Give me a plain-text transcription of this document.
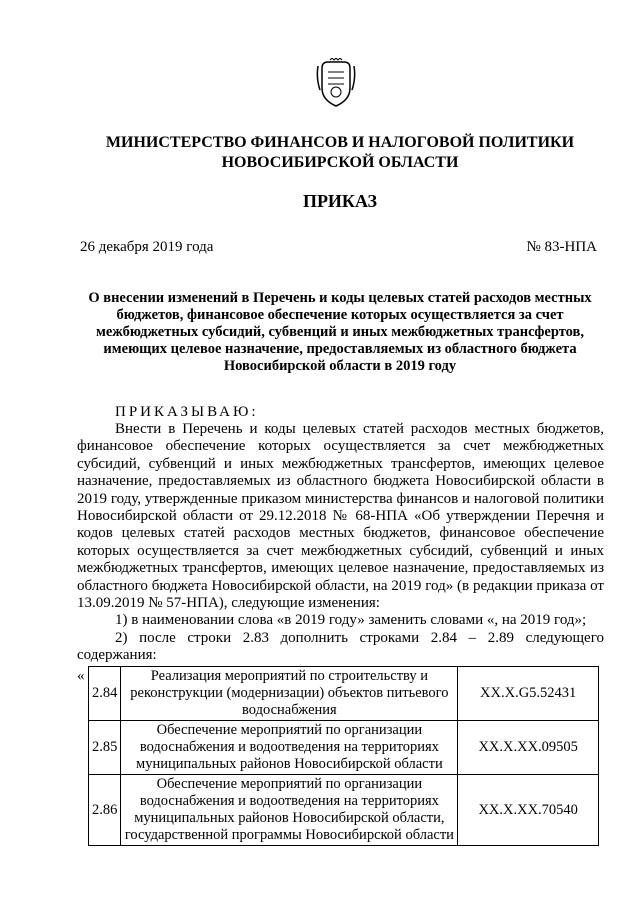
МИНИСТЕРСТВО ФИНАНСОВ И НАЛОГОВОЙ ПОЛИТИКИ
НОВОСИБИРСКОЙ ОБЛАСТИ
ПРИКАЗ
26 декабря 2019 года	№ 83-НПА
О внесении изменений в Перечень и коды целевых статей расходов местных бюджетов, финансовое обеспечение которых осуществляется за счет межбюджетных субсидий, субвенций и иных межбюджетных трансфертов, имеющих целевое назначение, предоставляемых из областного бюджета Новосибирской области в 2019 году
ПРИКАЗЫВАЮ:

Внести в Перечень и коды целевых статей расходов местных бюджетов, финансовое обеспечение которых осуществляется за счет межбюджетных субсидий, субвенций и иных межбюджетных трансфертов, имеющих целевое назначение, предоставляемых из областного бюджета Новосибирской области в 2019 году, утвержденные приказом министерства финансов и налоговой политики Новосибирской области от 29.12.2018 № 68-НПА «Об утверждении Перечня и кодов целевых статей расходов местных бюджетов, финансовое обеспечение которых осуществляется за счет межбюджетных субсидий, субвенций и иных межбюджетных трансфертов, имеющих целевое назначение, предоставляемых из областного бюджета Новосибирской области, на 2019 год» (в редакции приказа от 13.09.2019 № 57-НПА), следующие изменения:

1) в наименовании слова «в 2019 году» заменить словами «, на 2019 год»;

2) после строки 2.83 дополнить строками 2.84 – 2.89 следующего содержания:

«
2.84	Реализация мероприятий по строительству и реконструкции (модернизации) объектов питьевого водоснабжения	XX.X.G5.52431
2.85	Обеспечение мероприятий по организации водоснабжения и водоотведения на территориях муниципальных районов Новосибирской области	XX.X.XX.09505
2.86	Обеспечение мероприятий по организации водоснабжения и водоотведения на территориях муниципальных районов Новосибирской области, государственной программы Новосибирской области	XX.X.XX.70540
